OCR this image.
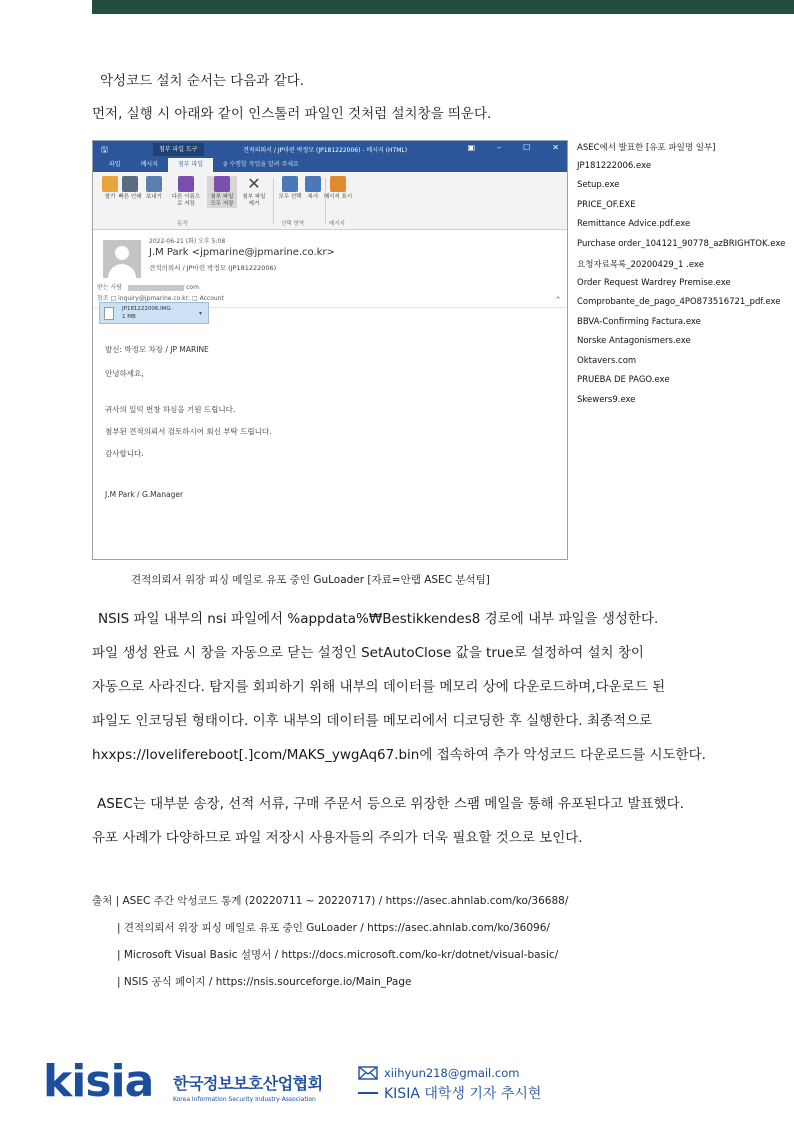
악성코드 설치 순서는 다음과 같다.

먼저, 실행 시 아래와 같이 인스톨러 파일인 것처럼 설치창을 띄운다.

🖫	첨부 파일 도구	견적의뢰서 / JP마린 박정모 (JP181222006) - 메시지 (HTML)	▣	–	☐	✕
파일	메시지	첨부 파일	♀ 수행할 작업을 알려 주세요
열기 빠른 인쇄 보내기	다른 이름으로 저장
첨부 파일 모두 저장
✕
첨부 파일 제거
모두 선택	복사	메시지 표시
동작	선택 영역	메시지
2022-06-21 (화) 오후 5:08
J.M Park <jpmarine@jpmarine.co.kr>
견적의뢰서 / JP마린 박정모 (JP181222006)
받는 사람	com
참조 □ inquiry@jpmarine.co.kr; □ Account	^
JP181222006.IMG
1 MB	▾
발신: 박정모 차장 / JP MARINE
안녕하세요,
귀사의 일익 번창 하심을 기원 드립니다.
첨부된 견적의뢰서 검토하시어 회신 부탁 드립니다.
감사합니다.
J.M Park / G.Manager
ASEC에서 발표한 [유포 파일명 일부]
JP181222006.exe
Setup.exe
PRICE_OF.EXE
Remittance Advice.pdf.exe
Purchase order_104121_90778_azBRIGHTOK.exe
요청자료목록_20200429_1 .exe
Order Request Wardrey Premise.exe
Comprobante_de_pago_4PO873516721_pdf.exe
BBVA-Confirming Factura.exe
Norske Antagonismers.exe
Oktavers.com
PRUEBA DE PAGO.exe
Skewers9.exe
견적의뢰서 위장 피싱 메일로 유포 중인 GuLoader [자료=안랩 ASEC 분석팀]
NSIS 파일 내부의 nsi 파일에서 %appdata%₩Bestikkendes8 경로에 내부 파일을 생성한다.
파일 생성 완료 시 창을 자동으로 닫는 설정인 SetAutoClose 값을 true로 설정하여 설치 창이
자동으로 사라진다. 탐지를 회피하기 위해 내부의 데이터를 메모리 상에 다운로드하며,다운로드 된
파일도 인코딩된 형태이다. 이후 내부의 데이터를 메모리에서 디코딩한 후 실행한다. 최종적으로
hxxps://lovelifereboot[.]com/MAKS_ywgAq67.bin에 접속하여 추가 악성코드 다운로드를 시도한다.
ASEC는 대부분 송장, 선적 서류, 구매 주문서 등으로 위장한 스팸 메일을 통해 유포된다고 발표했다.
유포 사례가 다양하므로 파일 저장시 사용자들의 주의가 더욱 필요할 것으로 보인다.
출처 | ASEC 주간 악성코드 통계 (20220711 ~ 20220717) / https://asec.ahnlab.com/ko/36688/
| 견적의뢰서 위장 피싱 메일로 유포 중인 GuLoader / https://asec.ahnlab.com/ko/36096/
| Microsoft Visual Basic 설명서 / https://docs.microsoft.com/ko-kr/dotnet/visual-basic/
| NSIS 공식 페이지 / https://nsis.sourceforge.io/Main_Page
kisia 한국정보보호산업협회
Korea Information Security Industry Association
xiihyun218@gmail.com
KISIA 대학생 기자 추시현
